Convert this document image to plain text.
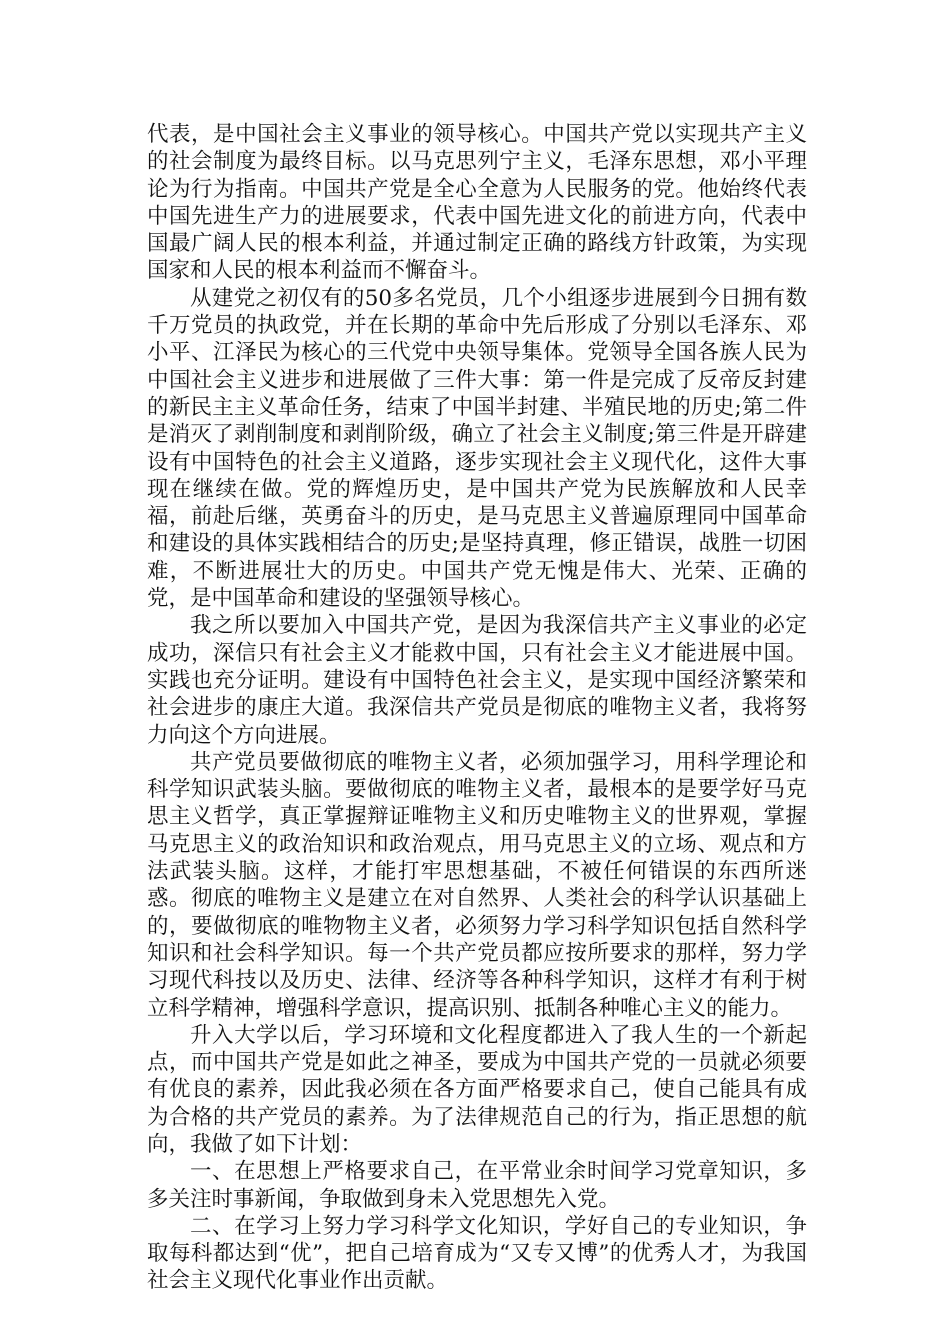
代表，是中国社会主义事业的领导核心。中国共产党以实现共产主义的社会制度为最终目标。以马克思列宁主义，毛泽东思想，邓小平理论为行为指南。中国共产党是全心全意为人民服务的党。他始终代表中国先进生产力的进展要求，代表中国先进文化的前进方向，代表中国最广阔人民的根本利益，并通过制定正确的路线方针政策，为实现国家和人民的根本利益而不懈奋斗。

从建党之初仅有的50多名党员，几个小组逐步进展到今日拥有数千万党员的执政党，并在长期的革命中先后形成了分别以毛泽东、邓小平、江泽民为核心的三代党中央领导集体。党领导全国各族人民为中国社会主义进步和进展做了三件大事：第一件是完成了反帝反封建的新民主主义革命任务，结束了中国半封建、半殖民地的历史;第二件是消灭了剥削制度和剥削阶级，确立了社会主义制度;第三件是开辟建设有中国特色的社会主义道路，逐步实现社会主义现代化，这件大事现在继续在做。党的辉煌历史，是中国共产党为民族解放和人民幸福，前赴后继，英勇奋斗的历史，是马克思主义普遍原理同中国革命和建设的具体实践相结合的历史;是坚持真理，修正错误，战胜一切困难，不断进展壮大的历史。中国共产党无愧是伟大、光荣、正确的党，是中国革命和建设的坚强领导核心。

我之所以要加入中国共产党，是因为我深信共产主义事业的必定成功，深信只有社会主义才能救中国，只有社会主义才能进展中国。实践也充分证明。建设有中国特色社会主义，是实现中国经济繁荣和社会进步的康庄大道。我深信共产党员是彻底的唯物主义者，我将努力向这个方向进展。

共产党员要做彻底的唯物主义者，必须加强学习，用科学理论和科学知识武装头脑。要做彻底的唯物主义者，最根本的是要学好马克思主义哲学，真正掌握辩证唯物主义和历史唯物主义的世界观，掌握马克思主义的政治知识和政治观点，用马克思主义的立场、观点和方法武装头脑。这样，才能打牢思想基础，不被任何错误的东西所迷惑。彻底的唯物主义是建立在对自然界、人类社会的科学认识基础上的，要做彻底的唯物物主义者，必须努力学习科学知识包括自然科学知识和社会科学知识。每一个共产党员都应按所要求的那样，努力学习现代科技以及历史、法律、经济等各种科学知识，这样才有利于树立科学精神，增强科学意识，提高识别、抵制各种唯心主义的能力。

升入大学以后，学习环境和文化程度都进入了我人生的一个新起点，而中国共产党是如此之神圣，要成为中国共产党的一员就必须要有优良的素养，因此我必须在各方面严格要求自己，使自己能具有成为合格的共产党员的素养。为了法律规范自己的行为，指正思想的航向，我做了如下计划：

一、在思想上严格要求自己，在平常业余时间学习党章知识，多多关注时事新闻，争取做到身未入党思想先入党。

二、在学习上努力学习科学文化知识，学好自己的专业知识，争取每科都达到“优”，把自己培育成为“又专又博”的优秀人才，为我国社会主义现代化事业作出贡献。
